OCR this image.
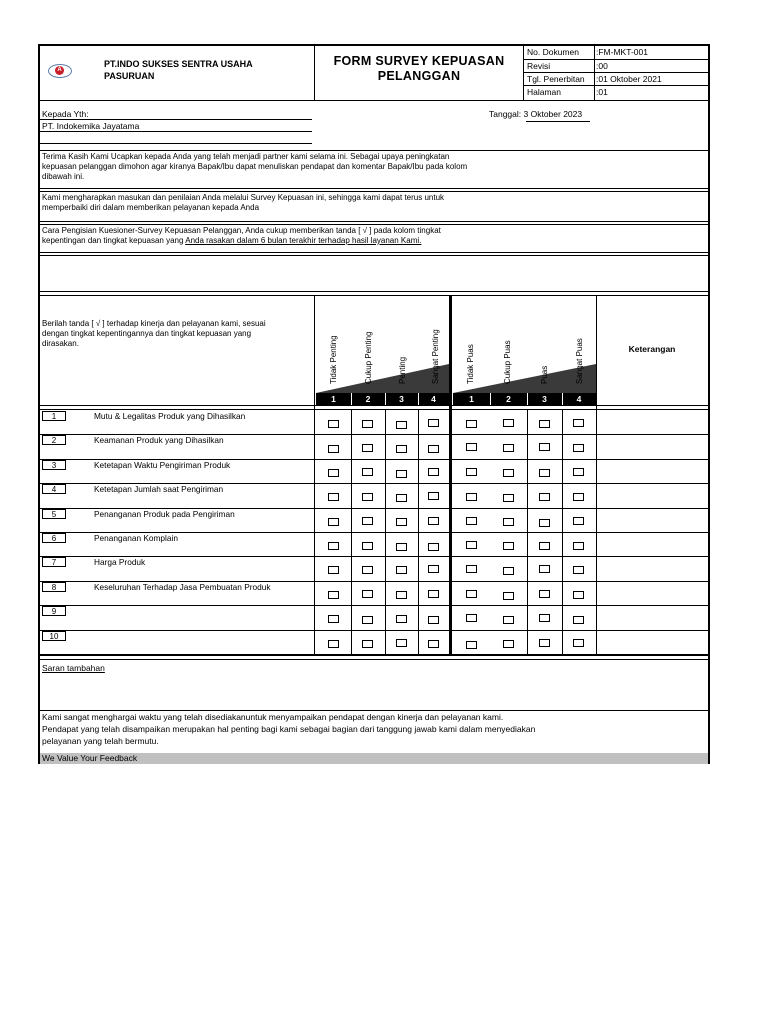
A
PT.INDO SUKSES SENTRA USAHA PASURUAN
FORM SURVEY KEPUASAN PELANGGAN
No. Dokumen :FM-MKT-001
Revisi	:00
Tgl. Penerbitan :01 Oktober 2021
Halaman	:01
Kepada Yth:
PT. Indokemika Jayatama
Tanggal: 3 Oktober 2023
Terima Kasih Kami Ucapkan kepada Anda yang telah menjadi partner kami selama ini. Sebagai upaya peningkatan kepuasan pelanggan dimohon agar kiranya Bapak/Ibu dapat menuliskan pendapat dan komentar Bapak/Ibu pada kolom dibawah ini.
Kami mengharapkan masukan dan penilaian Anda melalui Survey Kepuasan ini, sehingga kami dapat terus untuk memperbaiki diri dalam memberikan pelayanan kepada Anda
Cara Pengisian Kuesioner-Survey Kepuasan Pelanggan, Anda cukup memberikan tanda [ √ ] pada kolom tingkat kepentingan dan tingkat kepuasan yang Anda rasakan dalam 6 bulan terakhir terhadap hasil layanan Kami.
Berilah tanda [ √ ] terhadap kinerja dan pelayanan kami, sesuai dengan tingkat kepentingannya dan tingkat kepuasan yang dirasakan.
Keterangan
Tidak Penting	Cukup Penting	Penting	Sangat Penting	Tidak Puas	Cukup Puas	Puas	Sangat Puas
1	2	3	4	1	2	3	4
1	Mutu & Legalitas Produk yang Dihasilkan
2	Keamanan Produk yang Dihasilkan
3	Ketetapan Waktu Pengiriman Produk
4	Ketetapan Jumlah saat Pengiriman
5	Penanganan Produk pada Pengiriman
6	Penanganan Komplain
7	Harga Produk
8	Keseluruhan Terhadap Jasa Pembuatan Produk
9
10
Saran tambahan
Kami sangat menghargai waktu yang telah disediakanuntuk menyampaikan pendapat dengan kinerja dan pelayanan kami.
Pendapat yang telah disampaikan merupakan hal penting bagi kami sebagai bagian dari tanggung jawab kami dalam menyediakan
pelayanan yang telah bermutu.
We Value Your Feedback
